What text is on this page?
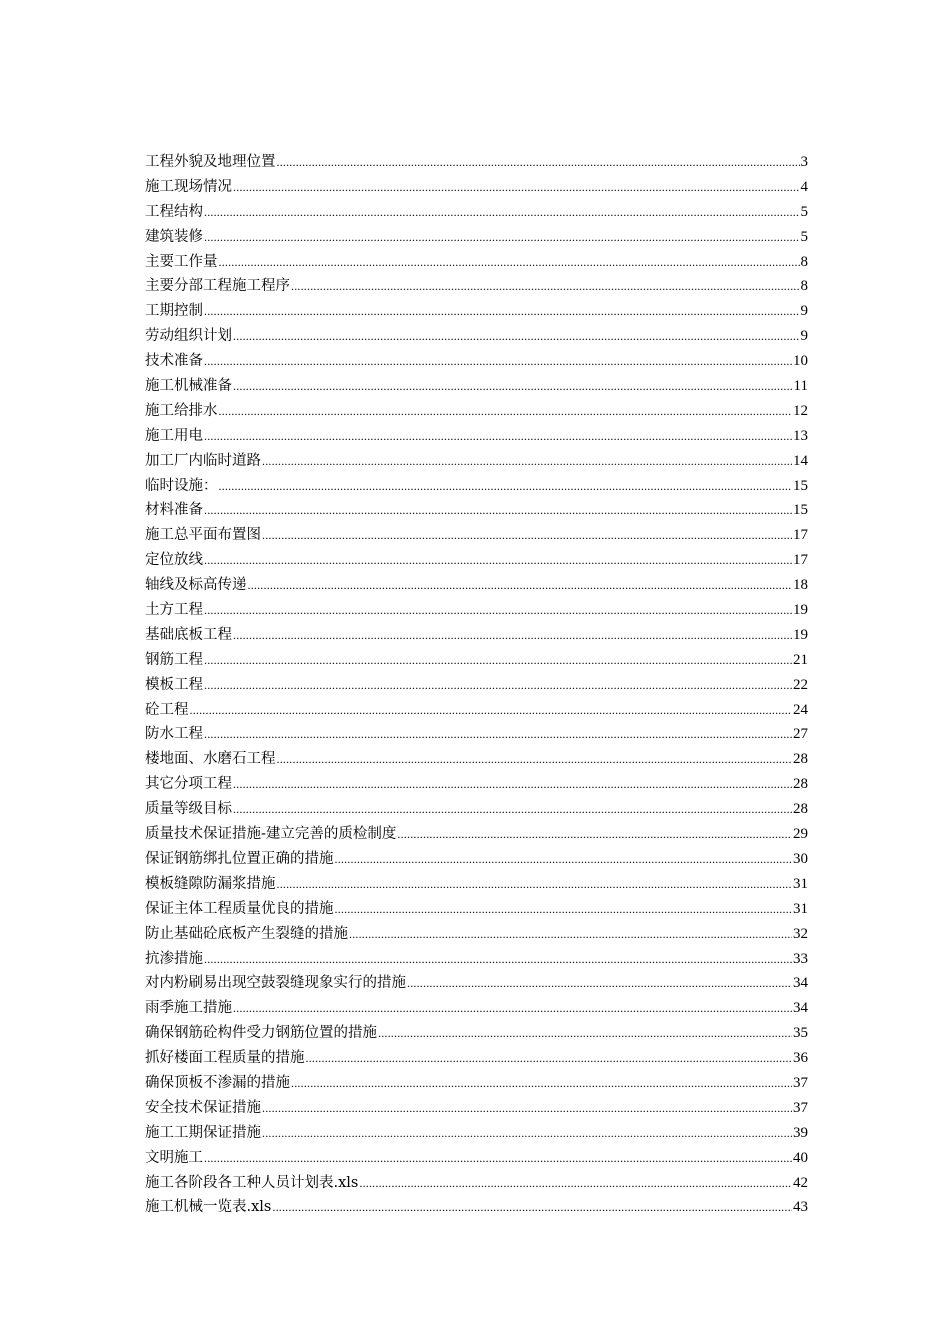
工程外貌及地理位置 .....	3
施工现场情况 .....	4
工程结构 .....	5
建筑装修 .....	5
主要工作量 .....	8
主要分部工程施工程序 .....	8
工期控制 .....	9
劳动组织计划 .....	9
技术准备 .....	10
施工机械准备 .....	11
施工给排水 .....	12
施工用电 .....	13
加工厂内临时道路 .....	14
临时设施： .....	15
材料准备 .....	15
施工总平面布置图 .....	17
定位放线 .....	17
轴线及标高传递 .....	18
土方工程 .....	19
基础底板工程 .....	19
钢筋工程 .....	21
模板工程 .....	22
砼工程 .....	24
防水工程 .....	27
楼地面、水磨石工程 .....	28
其它分项工程 .....	28
质量等级目标 .....	28
质量技术保证措施-建立完善的质检制度 .....	29
保证钢筋绑扎位置正确的措施 .....	30
模板缝隙防漏浆措施 .....	31
保证主体工程质量优良的措施 .....	31
防止基础砼底板产生裂缝的措施 .....	32
抗渗措施 .....	33
对内粉刷易出现空鼓裂缝现象实行的措施 .....	34
雨季施工措施 .....	34
确保钢筋砼构件受力钢筋位置的措施 .....	35
抓好楼面工程质量的措施 .....	36
确保顶板不渗漏的措施 .....	37
安全技术保证措施 .....	37
施工工期保证措施 .....	39
文明施工 .....	40
施工各阶段各工种人员计划表.xls .....	42
施工机械一览表.xls .....	43
